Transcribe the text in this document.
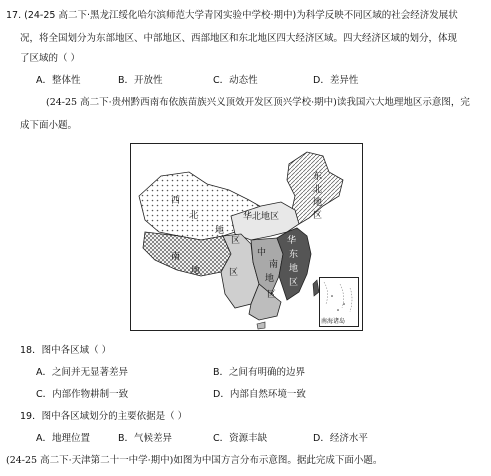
17. (24-25 高二下·黑龙江绥化哈尔滨师范大学青冈实验中学校·期中)为科学反映不同区域的社会经济发展状
况，将全国划分为东部地区、中部地区、西部地区和东北地区四大经济区域。四大经济区域的划分，体现
了区域的（ ）
A．整体性	B．开放性	C．动态性	D．差异性
(24-25 高二下·贵州黔西南布依族苗族兴义顶效开发区顶兴学校·期中)读我国六大地理地区示意图，完
成下面小题。
西
北
东
北
地
区
华北地区
地
区
南
地	区
中
南
地
区
华
东
地
区
南海诸岛
18．图中各区域（ ）
A．之间并无显著差异	B．之间有明确的边界
C．内部作物耕制一致	D．内部自然环境一致
19．图中各区域划分的主要依据是（ ）
A．地理位置	B．气候差异	C．资源丰缺	D．经济水平
(24-25 高二下·天津第二十一中学·期中)如图为中国方言分布示意图。据此完成下面小题。
